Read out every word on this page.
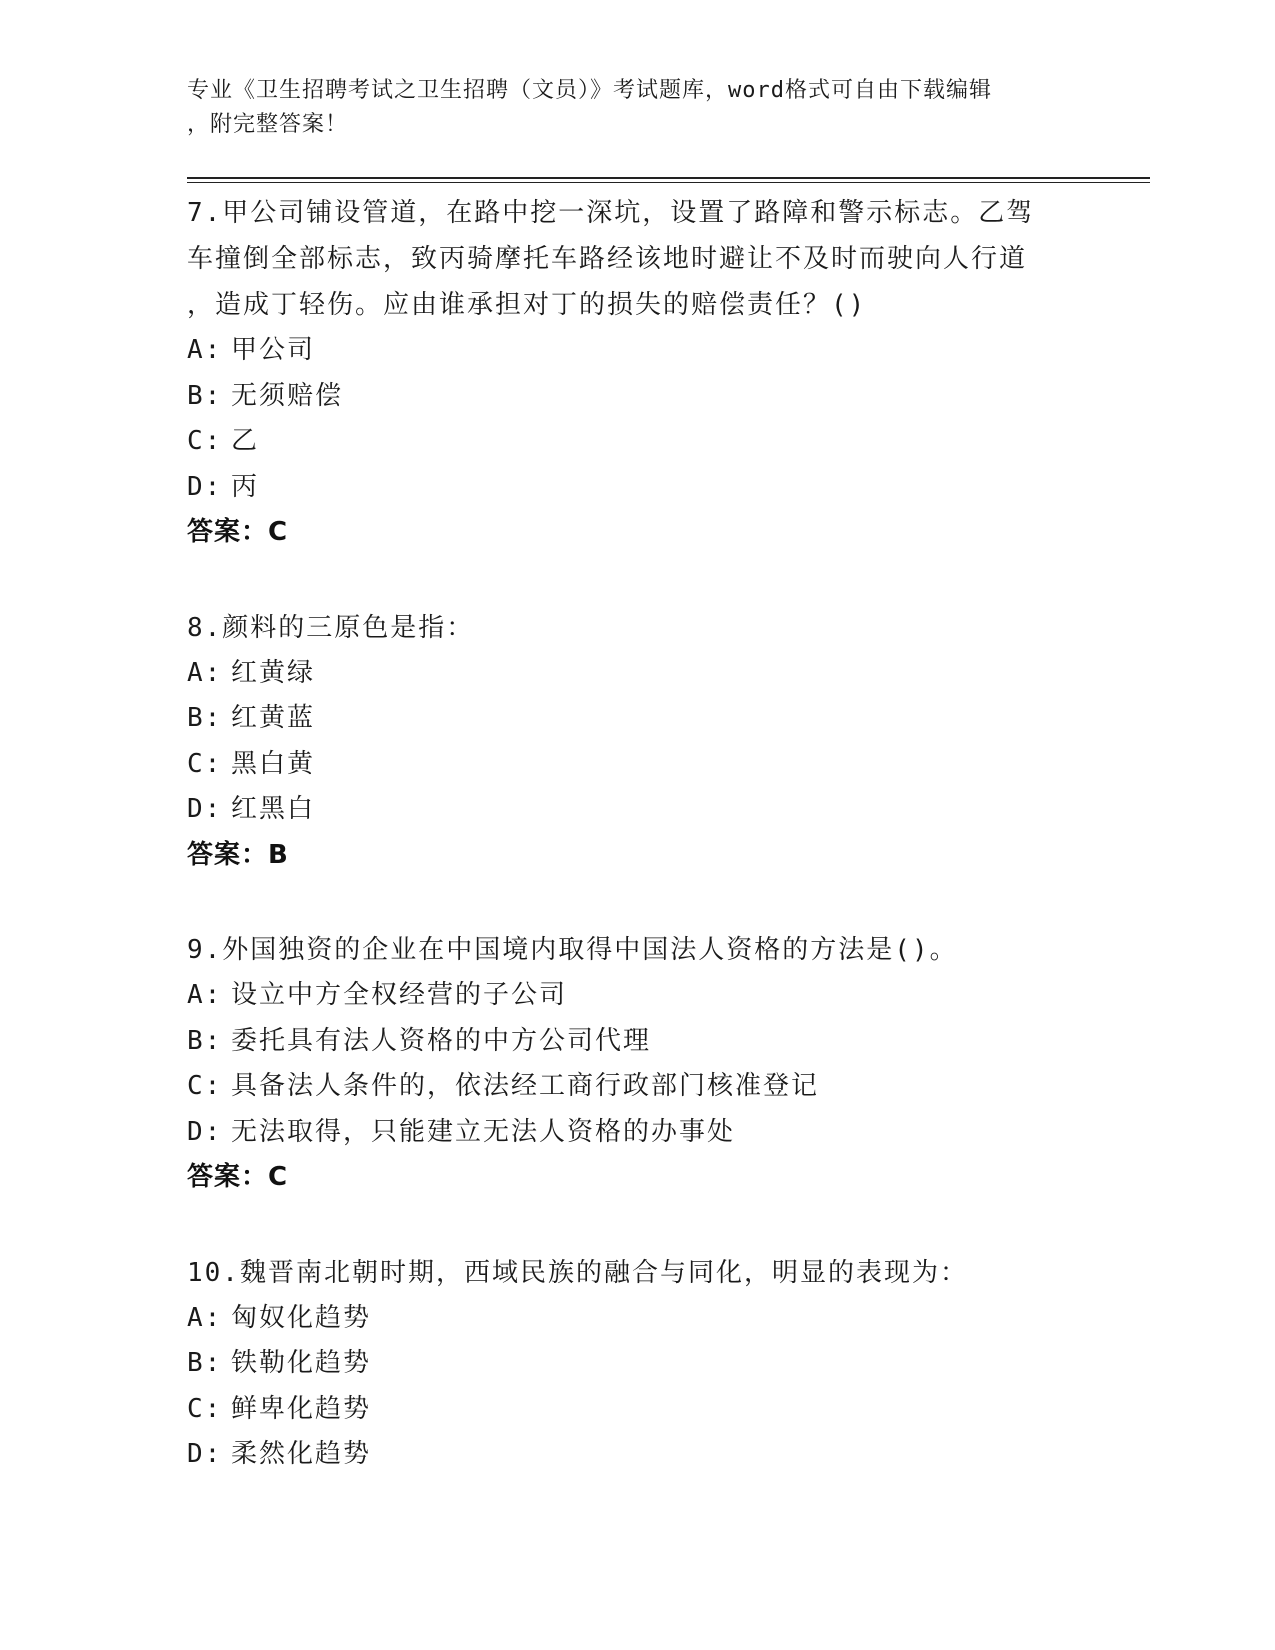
专业《卫生招聘考试之卫生招聘（文员）》考试题库，word格式可自由下载编辑
，附完整答案！
7.甲公司铺设管道，在路中挖一深坑，设置了路障和警示标志。乙驾
车撞倒全部标志，致丙骑摩托车路经该地时避让不及时而驶向人行道
，造成丁轻伤。应由谁承担对丁的损失的赔偿责任？()
A: 甲公司
B: 无须赔偿
C: 乙
D: 丙
答案：C
8.颜料的三原色是指：
A: 红黄绿
B: 红黄蓝
C: 黑白黄
D: 红黑白
答案：B
9.外国独资的企业在中国境内取得中国法人资格的方法是()。
A: 设立中方全权经营的子公司
B: 委托具有法人资格的中方公司代理
C: 具备法人条件的，依法经工商行政部门核准登记
D: 无法取得，只能建立无法人资格的办事处
答案：C
10.魏晋南北朝时期，西域民族的融合与同化，明显的表现为：
A: 匈奴化趋势
B: 铁勒化趋势
C: 鲜卑化趋势
D: 柔然化趋势
